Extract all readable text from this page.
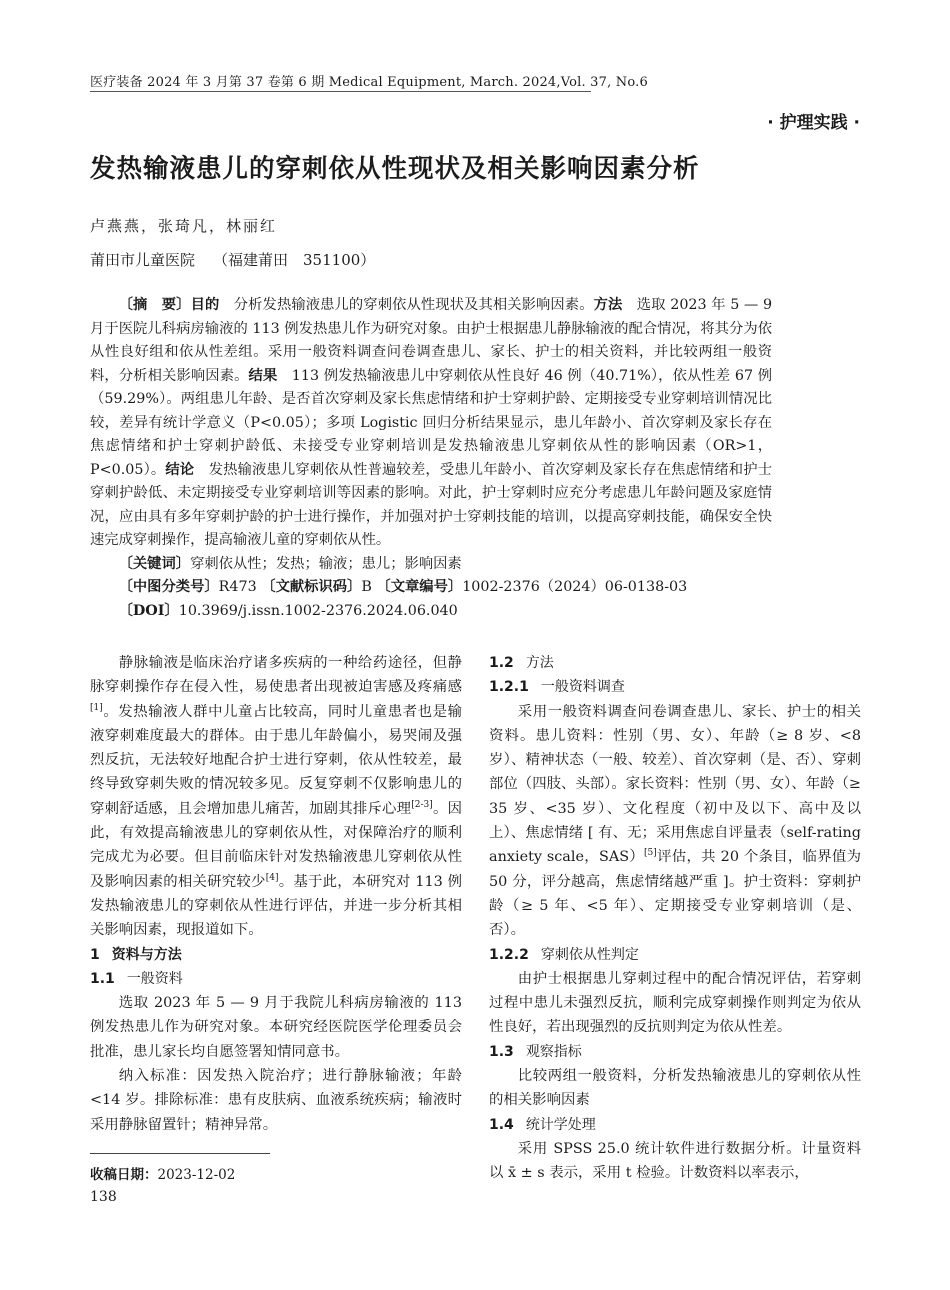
医疗装备 2024 年 3 月第 37 卷第 6 期 Medical Equipment, March. 2024,Vol. 37, No.6
· 护理实践 ·
发热输液患儿的穿刺依从性现状及相关影响因素分析
卢燕燕，张琦凡，林丽红
莆田市儿童医院 （福建莆田　351100）

〔摘　要〕目的　 分析发热输液患儿的穿刺依从性现状及其相关影响因素。方法　 选取 2023 年 5 — 9 月于医院儿科病房输液的 113 例发热患儿作为研究对象。由护士根据患儿静脉输液的配合情况，将其分为依从性良好组和依从性差组。采用一般资料调查问卷调查患儿、家长、护士的相关资料，并比较两组一般资料，分析相关影响因素。结果　 113 例发热输液患儿中穿刺依从性良好 46 例（40.71%），依从性差 67 例（59.29%）。两组患儿年龄、是否首次穿刺及家长焦虑情绪和护士穿刺护龄、定期接受专业穿刺培训情况比较，差异有统计学意义（P<0.05）；多项 Logistic 回归分析结果显示，患儿年龄小、首次穿刺及家长存在焦虑情绪和护士穿刺护龄低、未接受专业穿刺培训是发热输液患儿穿刺依从性的影响因素（OR>1，P<0.05）。结论　 发热输液患儿穿刺依从性普遍较差，受患儿年龄小、首次穿刺及家长存在焦虑情绪和护士穿刺护龄低、未定期接受专业穿刺培训等因素的影响。对此，护士穿刺时应充分考虑患儿年龄问题及家庭情况，应由具有多年穿刺护龄的护士进行操作，并加强对护士穿刺技能的培训，以提高穿刺技能，确保安全快速完成穿刺操作，提高输液儿童的穿刺依从性。

〔关键词〕穿刺依从性；发热；输液；患儿；影响因素

〔中图分类号〕R473 〔文献标识码〕B 〔文章编号〕1002-2376（2024）06-0138-03

〔DOI〕10.3969/j.issn.1002-2376.2024.06.040

静脉输液是临床治疗诸多疾病的一种给药途径，但静脉穿刺操作存在侵入性，易使患者出现被迫害感及疼痛感[1]。发热输液人群中儿童占比较高，同时儿童患者也是输液穿刺难度最大的群体。由于患儿年龄偏小，易哭闹及强烈反抗，无法较好地配合护士进行穿刺，依从性较差，最终导致穿刺失败的情况较多见。反复穿刺不仅影响患儿的穿刺舒适感，且会增加患儿痛苦，加剧其排斥心理[2-3]。因此，有效提高输液患儿的穿刺依从性，对保障治疗的顺利完成尤为必要。但目前临床针对发热输液患儿穿刺依从性及影响因素的相关研究较少[4]。基于此，本研究对 113 例发热输液患儿的穿刺依从性进行评估，并进一步分析其相关影响因素，现报道如下。

1 资料与方法

1.1 一般资料

选取 2023 年 5 — 9 月于我院儿科病房输液的 113 例发热患儿作为研究对象。本研究经医院医学伦理委员会批准，患儿家长均自愿签署知情同意书。

纳入标准：因发热入院治疗；进行静脉输液；年龄<14 岁。排除标准：患有皮肤病、血液系统疾病；输液时采用静脉留置针；精神异常。

1.2 方法

1.2.1 一般资料调查

采用一般资料调查问卷调查患儿、家长、护士的相关资料。患儿资料：性别（男、女）、年龄（≥ 8 岁、<8 岁）、精神状态（一般、较差）、首次穿刺（是、否）、穿刺部位（四肢、头部）。家长资料：性别（男、女）、年龄（≥ 35 岁、<35 岁）、文化程度（初中及以下、高中及以上）、焦虑情绪 [ 有、无；采用焦虑自评量表（self-rating anxiety scale，SAS）[5]评估，共 20 个条目，临界值为 50 分，评分越高，焦虑情绪越严重 ]。护士资料：穿刺护龄（≥ 5 年、<5 年）、定期接受专业穿刺培训（是、否）。

1.2.2 穿刺依从性判定

由护士根据患儿穿刺过程中的配合情况评估，若穿刺过程中患儿未强烈反抗，顺利完成穿刺操作则判定为依从性良好，若出现强烈的反抗则判定为依从性差。

1.3 观察指标

比较两组一般资料，分析发热输液患儿的穿刺依从性的相关影响因素

1.4 统计学处理

采用 SPSS 25.0 统计软件进行数据分析。计量资料以 x̄ ± s 表示，采用 t 检验。计数资料以率表示，

收稿日期：2023-12-02
138
